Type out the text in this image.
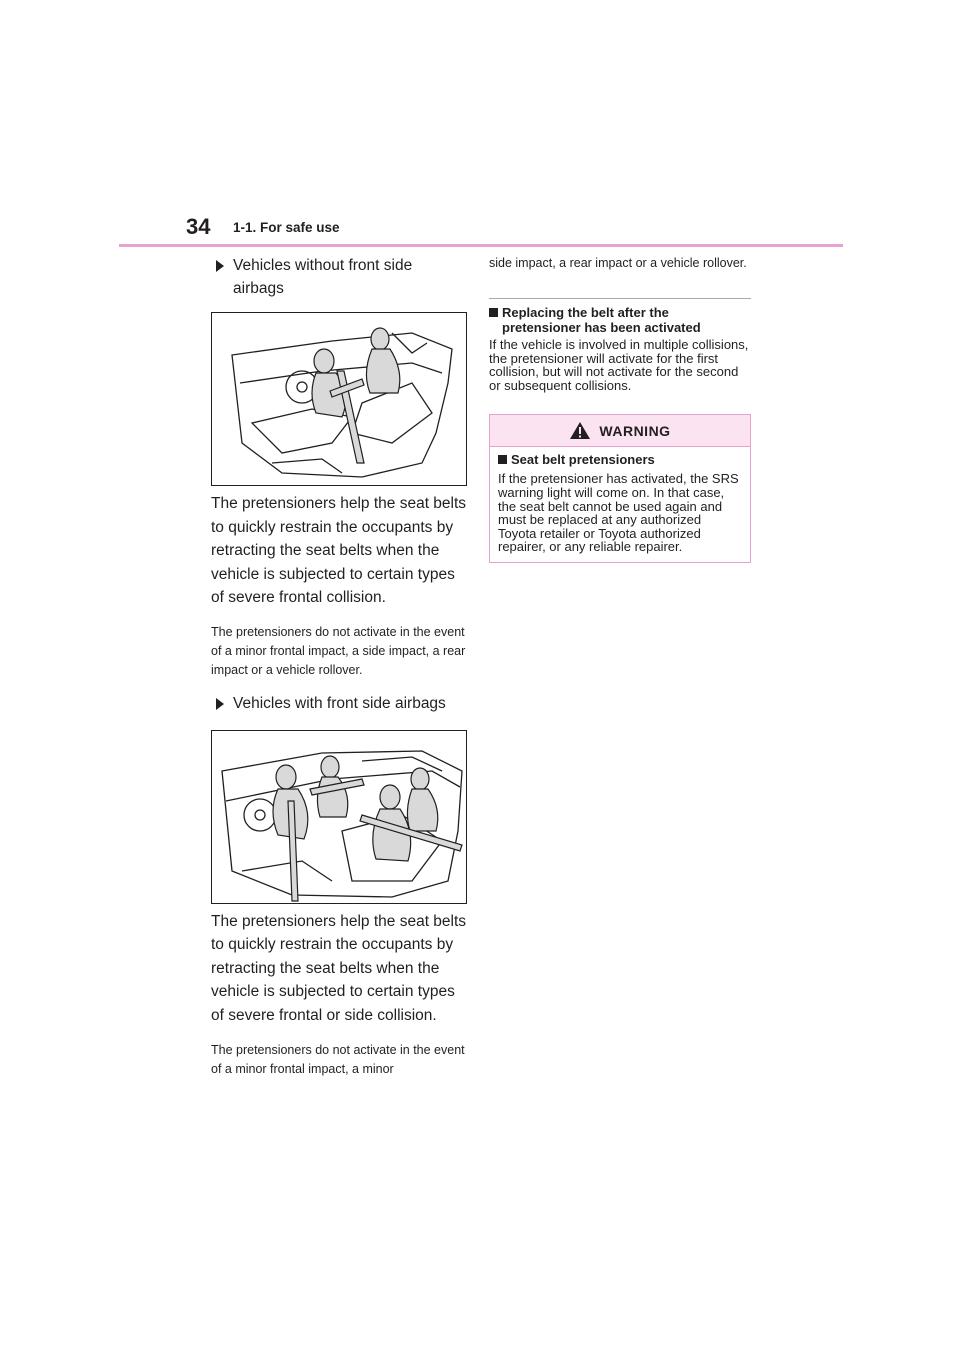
34 1-1. For safe use
Vehicles without front side airbags

The pretensioners help the seat belts to quickly restrain the occupants by retracting the seat belts when the vehicle is subjected to certain types of severe frontal collision.

The pretensioners do not activate in the event of a minor frontal impact, a side impact, a rear impact or a vehicle rollover.

Vehicles with front side airbags

The pretensioners help the seat belts to quickly restrain the occupants by retracting the seat belts when the vehicle is subjected to certain types of severe frontal or side collision.

The pretensioners do not activate in the event of a minor frontal impact, a minor

side impact, a rear impact or a vehicle rollover.

Replacing the belt after the pretensioner has been activated

If the vehicle is involved in multiple collisions, the pretensioner will activate for the first collision, but will not activate for the second or subsequent collisions.

WARNING
Seat belt pretensioners

If the pretensioner has activated, the SRS warning light will come on. In that case, the seat belt cannot be used again and must be replaced at any authorized Toyota retailer or Toyota authorized repairer, or any reliable repairer.
